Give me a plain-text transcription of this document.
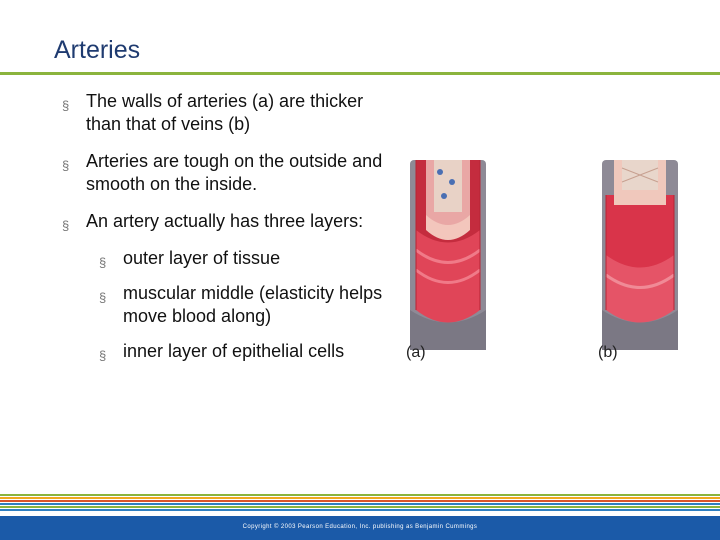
Arteries
§ The walls of arteries (a) are thicker than that of veins (b)
§ Arteries are tough on the outside and smooth on the inside.
§ An artery actually has three layers:
§ outer layer of tissue
§ muscular middle (elasticity helps move blood along)
§ inner layer of epithelial cells	(a)	(b)
Copyright © 2003 Pearson Education, Inc. publishing as Benjamin Cummings
